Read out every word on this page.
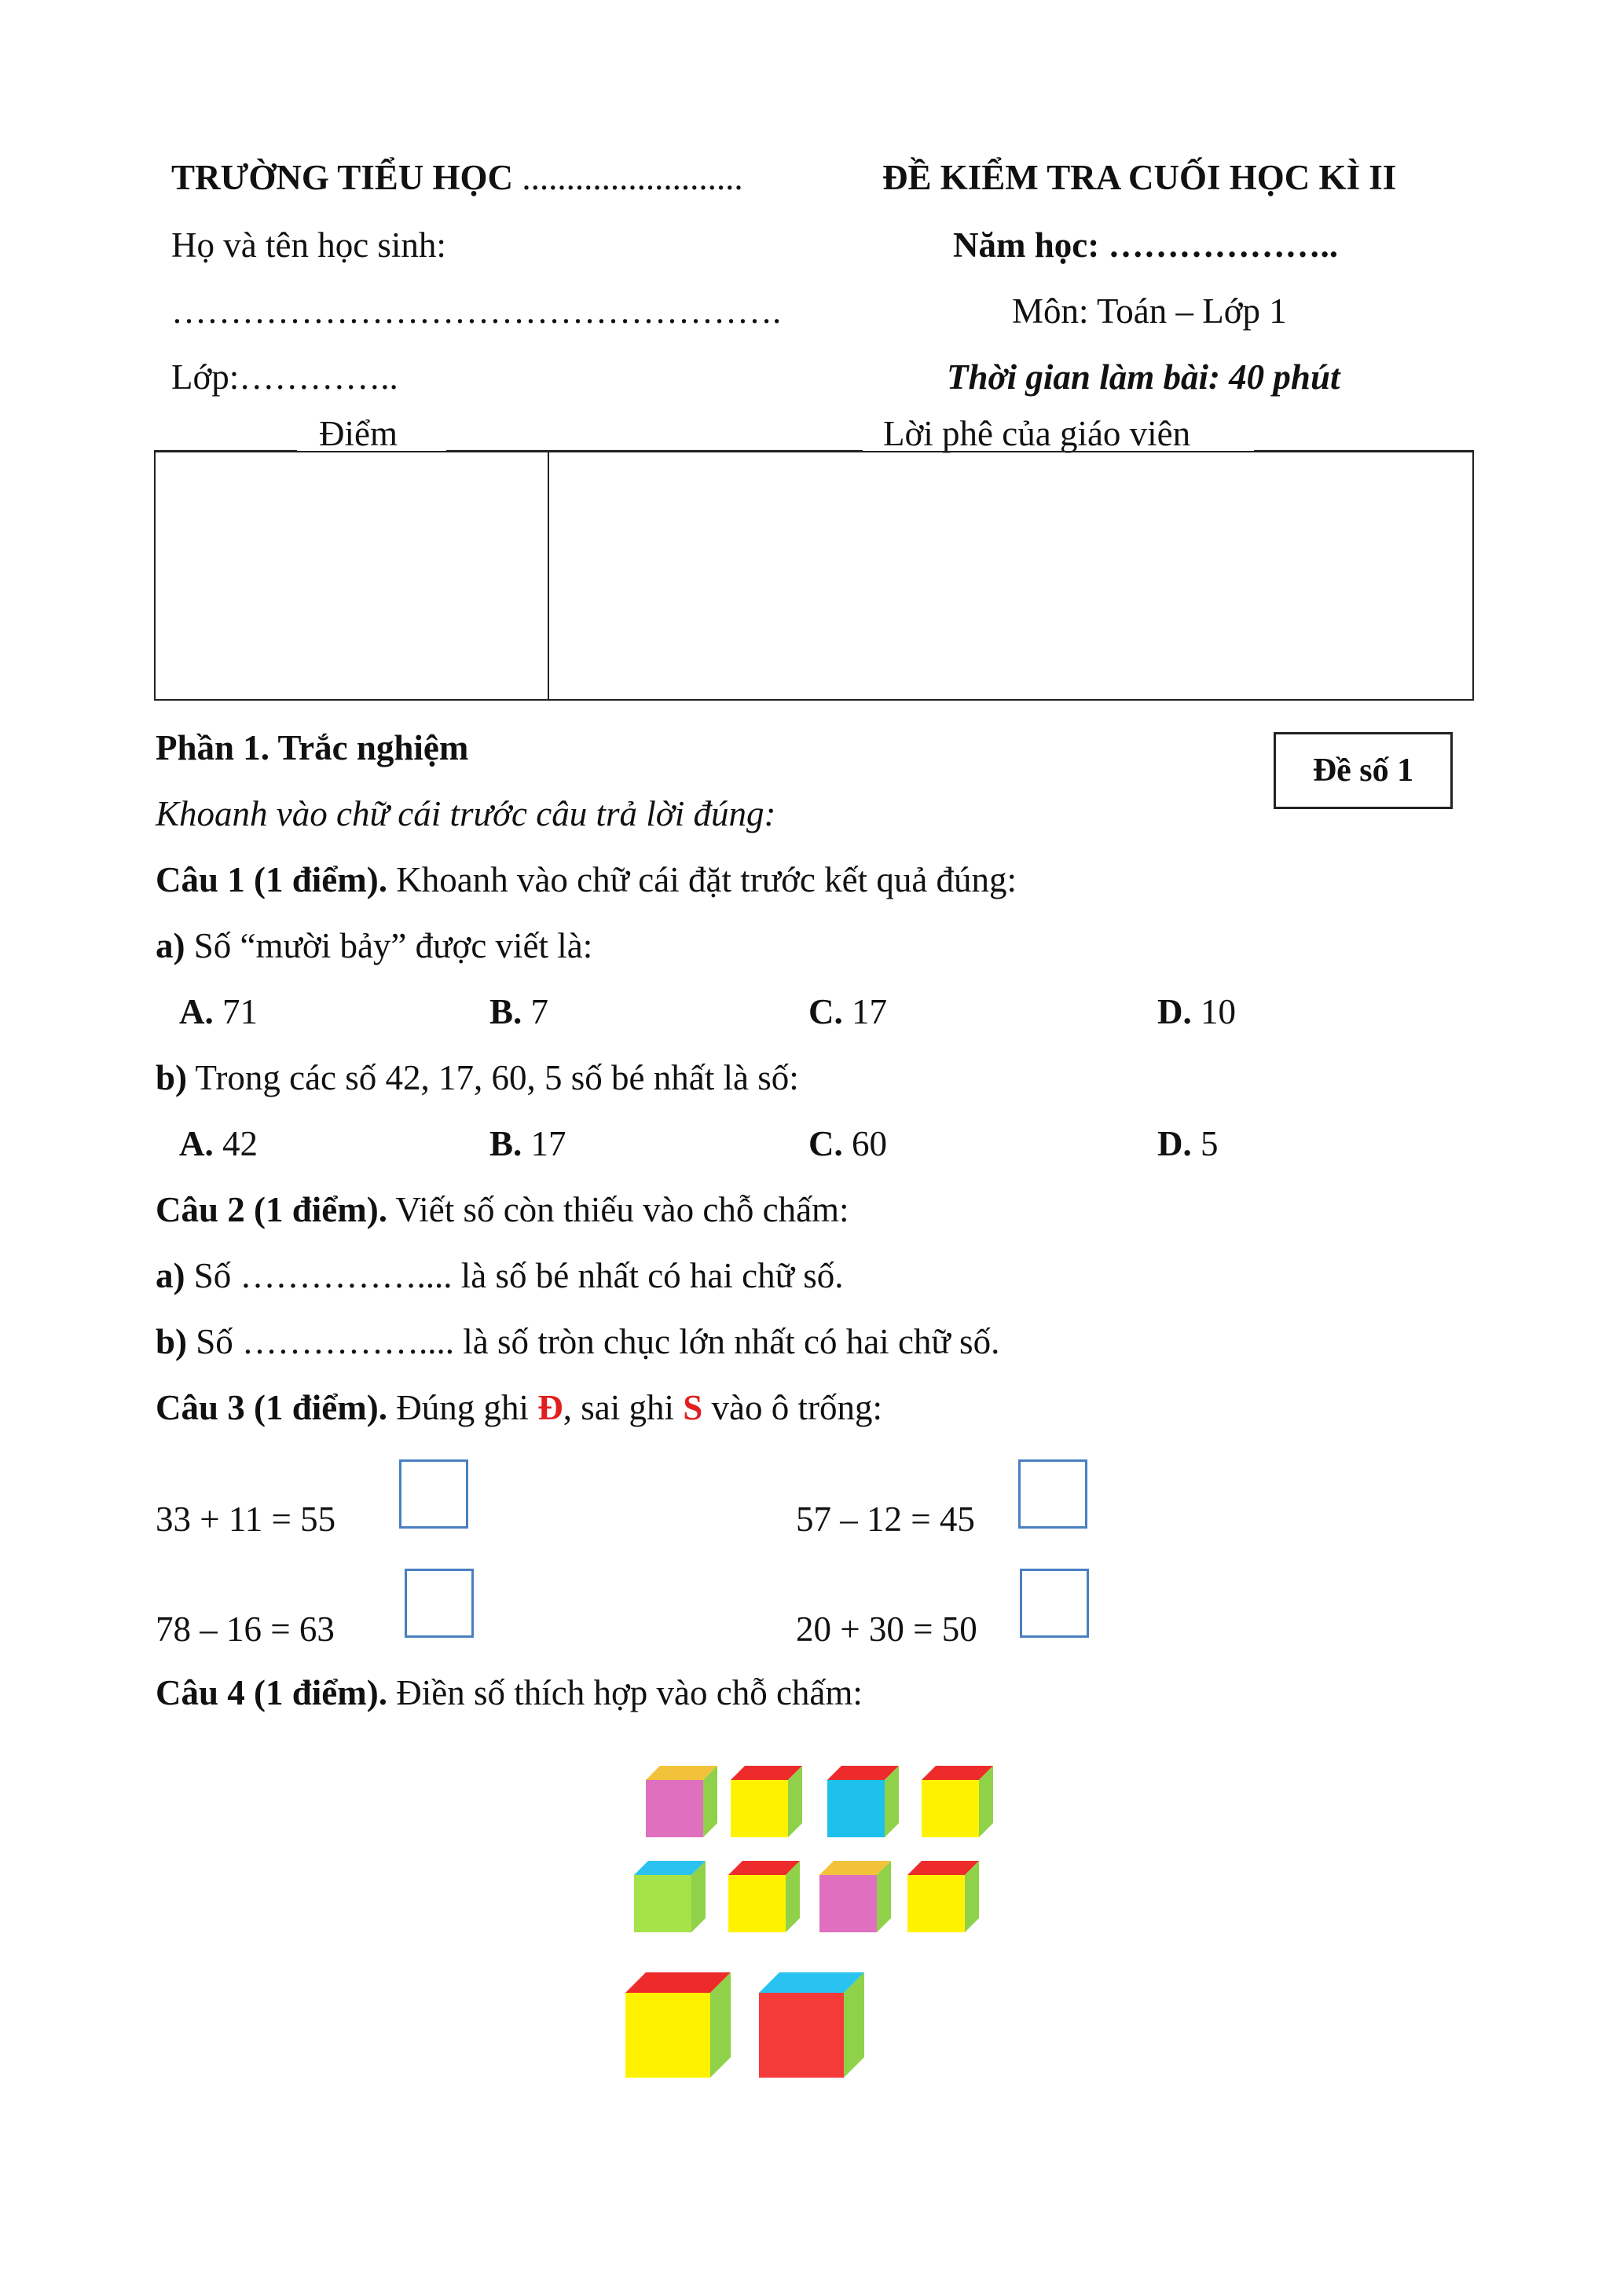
TRƯỜNG TIỂU HỌC .........................	ĐỀ KIỂM TRA CUỐI HỌC KÌ II
Họ và tên học sinh:	Năm học: ………………..
…………………………………………….	Môn: Toán – Lớp 1
Lớp:…………..	Thời gian làm bài: 40 phút
Điểm	Lời phê của giáo viên
Phần 1. Trắc nghiệm
Đề số 1
Khoanh vào chữ cái trước câu trả lời đúng:
Câu 1 (1 điểm). Khoanh vào chữ cái đặt trước kết quả đúng:
a) Số “mười bảy” được viết là:
A. 71	B. 7	C. 17	D. 10
b) Trong các số 42, 17, 60, 5 số bé nhất là số:
A. 42	B. 17	C. 60	D. 5
Câu 2 (1 điểm). Viết số còn thiếu vào chỗ chấm:
a) Số …………….... là số bé nhất có hai chữ số.
b) Số …………….... là số tròn chục lớn nhất có hai chữ số.
Câu 3 (1 điểm). Đúng ghi Đ, sai ghi S vào ô trống:
33 + 11 = 55	57 – 12 = 45
78 – 16 = 63	20 + 30 = 50
Câu 4 (1 điểm). Điền số thích hợp vào chỗ chấm:
